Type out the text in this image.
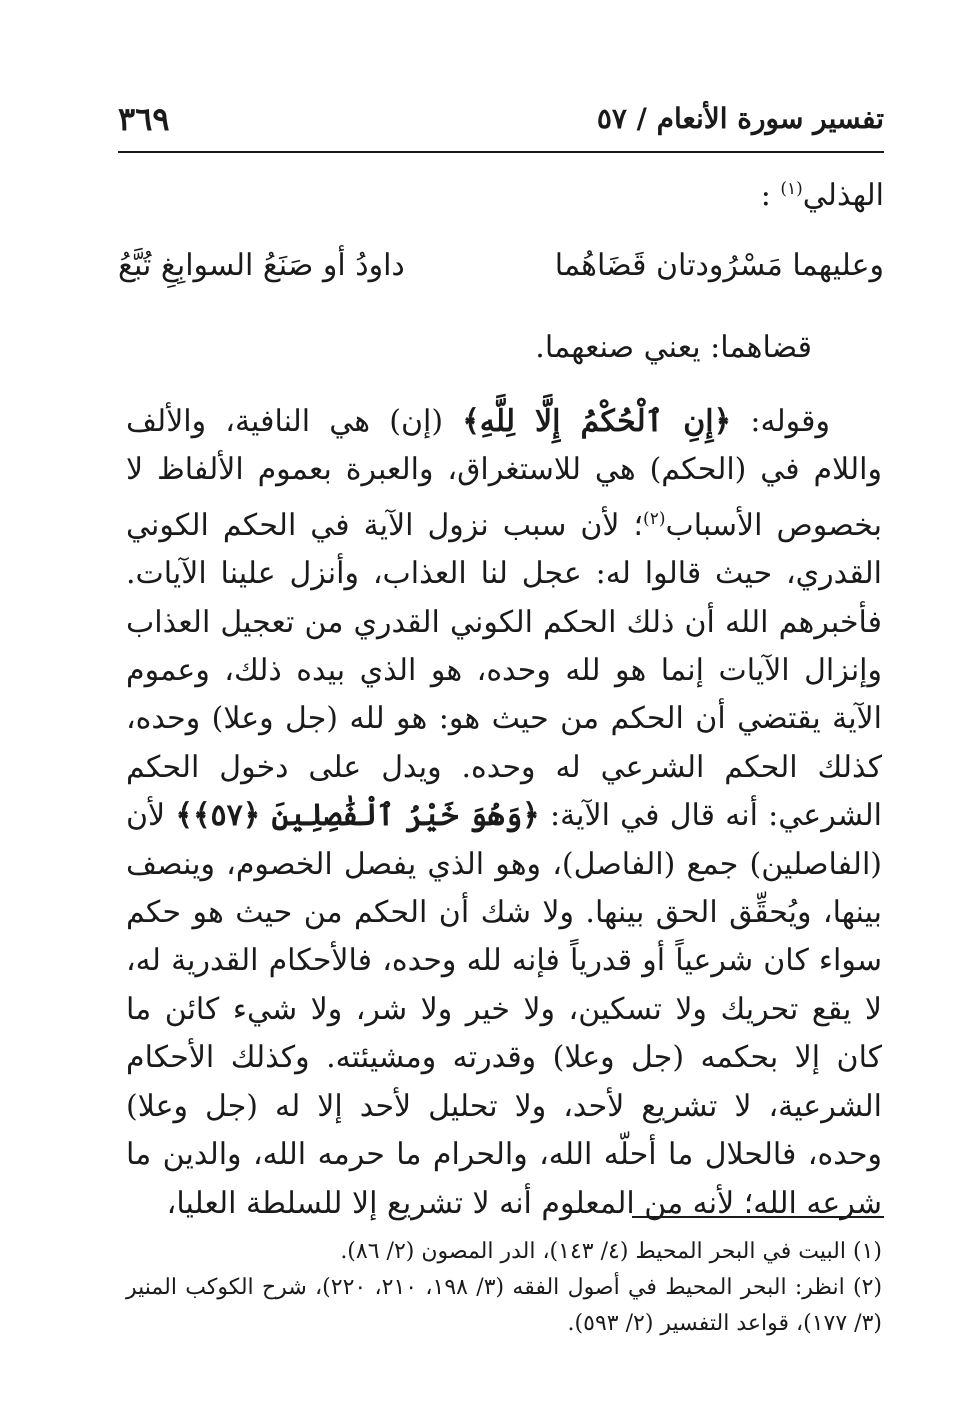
تفسير سورة الأنعام / ٥٧
٣٦٩
الهذلي$^{(١)}$ :
وعليهما مَسْرُودتان قَضَاهُما
داودُ أو صَنَعُ السوابِغِ تُبَّعُ
قضاهما: يعني صنعهما.

وقوله: ﴿إِنِ ٱلْحُكْمُ إِلَّا لِلَّهِ﴾ (إن) هي النافية، والألف واللام في (الحكم) هي للاستغراق، والعبرة بعموم الألفاظ لا بخصوص الأسباب$^{(٢)}$؛ لأن سبب نزول الآية في الحكم الكوني القدري، حيث قالوا له: عجل لنا العذاب، وأنزل علينا الآيات. فأخبرهم الله أن ذلك الحكم الكوني القدري من تعجيل العذاب وإنزال الآيات إنما هو لله وحده، هو الذي بيده ذلك، وعموم الآية يقتضي أن الحكم من حيث هو: هو لله (جل وعلا) وحده، كذلك الحكم الشرعي له وحده. ويدل على دخول الحكم الشرعي: أنه قال في الآية: ﴿وَهُوَ خَيْرُ ٱلْفَٰصِلِينَ ﴿٥٧﴾﴾ لأن (الفاصلين) جمع (الفاصل)، وهو الذي يفصل الخصوم، وينصف بينها، ويُحقِّق الحق بينها. ولا شك أن الحكم من حيث هو حكم سواء كان شرعياً أو قدرياً فإنه لله وحده، فالأحكام القدرية له، لا يقع تحريك ولا تسكين، ولا خير ولا شر، ولا شيء كائن ما كان إلا بحكمه (جل وعلا) وقدرته ومشيئته. وكذلك الأحكام الشرعية، لا تشريع لأحد، ولا تحليل لأحد إلا له (جل وعلا) وحده، فالحلال ما أحلّه الله، والحرام ما حرمه الله، والدين ما شرعه الله؛ لأنه من المعلوم أنه لا تشريع إلا للسلطة العليا،

(١) البيت في البحر المحيط (٤/ ١٤٣)، الدر المصون (٢/ ٨٦).

(٢) انظر: البحر المحيط في أصول الفقه (٣/ ١٩٨، ٢١٠، ٢٢٠)، شرح الكوكب المنير (٣/ ١٧٧)، قواعد التفسير (٢/ ٥٩٣).
